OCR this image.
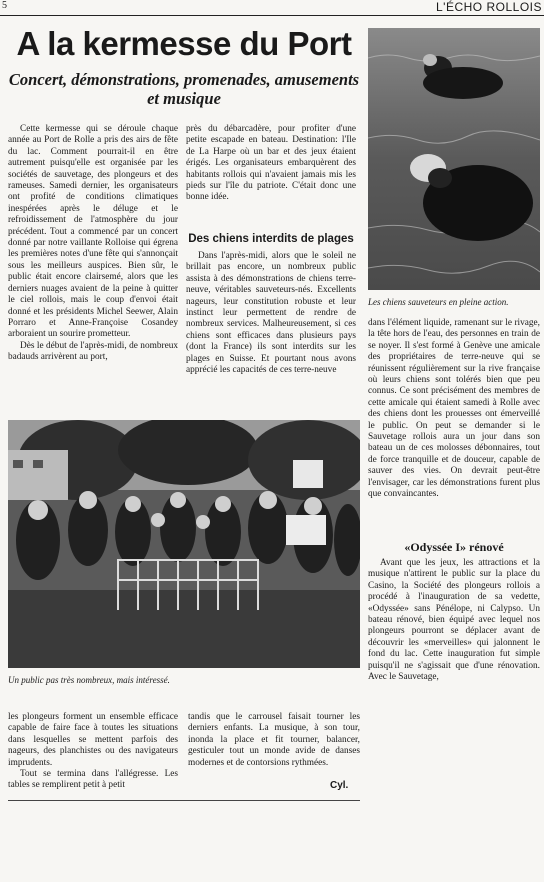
5	L'ÉCHO ROLLOIS
A la kermesse du Port
Concert, démonstrations, promenades, amusements et musique

Cette kermesse qui se déroule chaque année au Port de Rolle a pris des airs de fête du lac. Comment pourrait-il en être autrement puisqu'elle est organisée par les sociétés de sauvetage, des plongeurs et des rameuses. Samedi dernier, les organisateurs ont profité de conditions climatiques inespérées après le déluge et le refroidissement de l'atmosphère du jour précédent. Tout a commencé par un concert donné par notre vaillante Rolloise qui égrena les premières notes d'une fête qui s'annonçait sous les meilleurs auspices. Bien sûr, le public était encore clairsemé, alors que les derniers nuages avaient de la peine à quitter le ciel rollois, mais le coup d'envoi était donné et les présidents Michel Seewer, Alain Porraro et Anne-Françoise Cosandey arboraient un sourire prometteur.

Dès le début de l'après-midi, de nombreux badauds arrivèrent au port,

près du débarcadère, pour profiter d'une petite escapade en bateau. Destination: l'Ile de La Harpe où un bar et des jeux étaient érigés. Les organisateurs embarquèrent des habitants rollois qui n'avaient jamais mis les pieds sur l'île du patriote. C'était donc une bonne idée.

Des chiens interdits de plages

Dans l'après-midi, alors que le soleil ne brillait pas encore, un nombreux public assista à des démonstrations de chiens terre-neuve, véritables sauveteurs-nés. Excellents nageurs, leur constitution robuste et leur instinct leur permettent de rendre de nombreux services. Malheureusement, si ces chiens sont efficaces dans plusieurs pays (dont la France) ils sont interdits sur les plages en Suisse. Et pourtant nous avons apprécié les capacités de ces terre-neuve

Les chiens sauveteurs en pleine action.

dans l'élément liquide, ramenant sur le rivage, la tête hors de l'eau, des personnes en train de se noyer. Il s'est formé à Genève une amicale des propriétaires de terre-neuve qui se réunissent régulièrement sur la rive française où leurs chiens sont tolérés bien que peu connus. Ce sont précisément des membres de cette amicale qui étaient samedi à Rolle avec des chiens dont les prouesses ont émerveillé le public. On peut se demander si le Sauvetage rollois aura un jour dans son bateau un de ces molosses débonnaires, tout de force tranquille et de douceur, capable de sauver des vies. On devrait peut-être l'envisager, car les démonstrations furent plus que convaincantes.

«Odyssée I» rénové

Avant que les jeux, les attractions et la musique n'attirent le public sur la place du Casino, la Société des plongeurs rollois a procédé à l'inauguration de sa vedette, «Odyssée» sans Pénélope, ni Calypso. Un bateau rénové, bien équipé avec lequel nos plongeurs pourront se déplacer avant de découvrir les «merveilles» qui jalonnent le fond du lac. Cette inauguration fut simple puisqu'il ne s'agissait que d'une rénovation. Avec le Sauvetage,

Un public pas très nombreux, mais intéressé.

les plongeurs forment un ensemble efficace capable de faire face à toutes les situations dans lesquelles se mettent parfois des nageurs, des planchistes ou des navigateurs imprudents.

Tout se termina dans l'allégresse. Les tables se remplirent petit à petit

tandis que le carrousel faisait tourner les derniers enfants. La musique, à son tour, inonda la place et fit tourner, balancer, gesticuler tout un monde avide de danses modernes et de contorsions rythmées.

Cyl.
